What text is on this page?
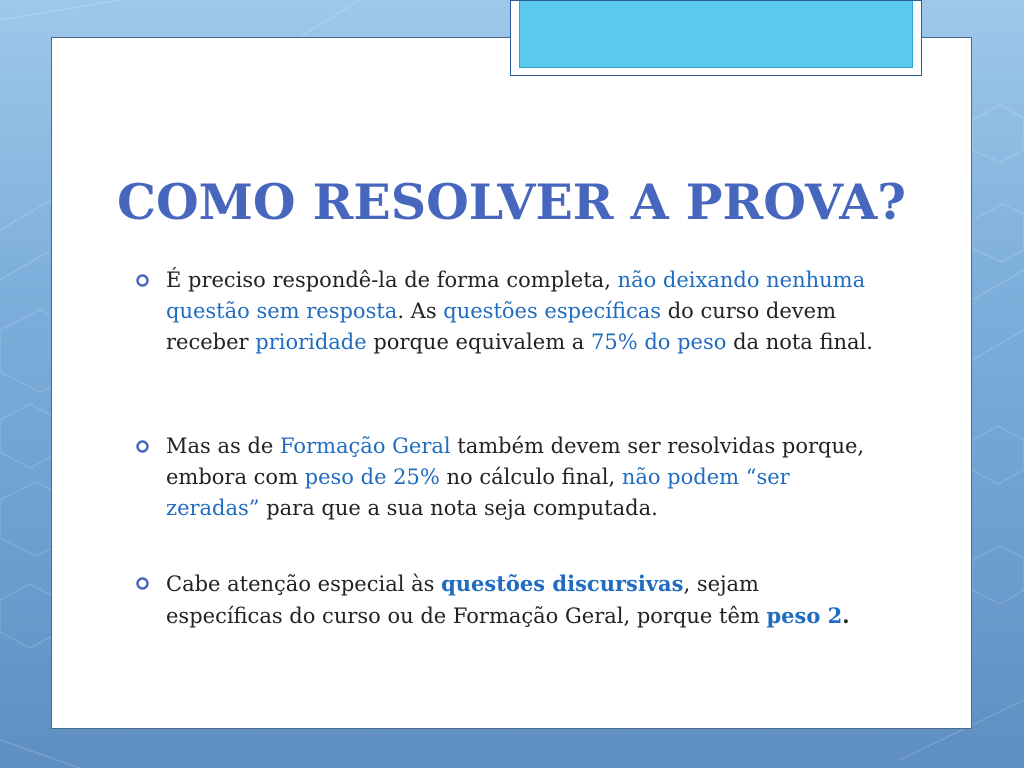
COMO RESOLVER A PROVA?
É preciso respondê-la de forma completa, não deixando nenhuma questão sem resposta. As questões específicas do curso devem receber prioridade porque equivalem a 75% do peso da nota final.
Mas as de Formação Geral também devem ser resolvidas porque, embora com peso de 25% no cálculo final, não podem “ser zeradas” para que a sua nota seja computada.
Cabe atenção especial às questões discursivas, sejam específicas do curso ou de Formação Geral, porque têm peso 2.
